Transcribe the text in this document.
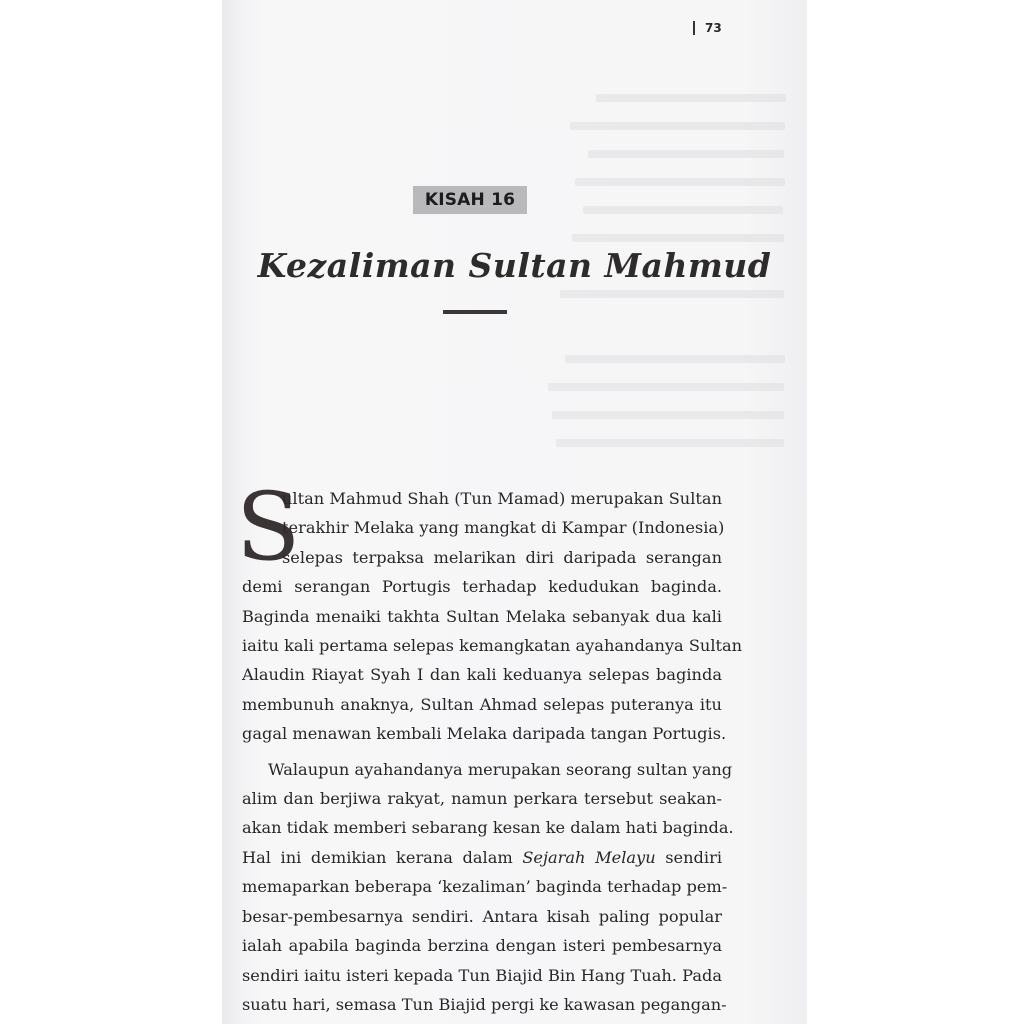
73
KISAH 16
Kezaliman Sultan Mahmud
S

ultan Mahmud Shah (Tun Mamad) merupakan Sultan
terakhir Melaka yang mangkat di Kampar (Indonesia)
selepas terpaksa melarikan diri daripada serangan
demi serangan Portugis terhadap kedudukan baginda.
Baginda menaiki takhta Sultan Melaka sebanyak dua kali
iaitu kali pertama selepas kemangkatan ayahandanya Sultan
Alaudin Riayat Syah I dan kali keduanya selepas baginda
membunuh anaknya, Sultan Ahmad selepas puteranya itu
gagal menawan kembali Melaka daripada tangan Portugis.

Walaupun ayahandanya merupakan seorang sultan yang
alim dan berjiwa rakyat, namun perkara tersebut seakan-
akan tidak memberi sebarang kesan ke dalam hati baginda.
Hal ini demikian kerana dalam Sejarah Melayu sendiri
memaparkan beberapa ‘kezaliman’ baginda terhadap pem-
besar-pembesarnya sendiri. Antara kisah paling popular
ialah apabila baginda berzina dengan isteri pembesarnya
sendiri iaitu isteri kepada Tun Biajid Bin Hang Tuah. Pada
suatu hari, semasa Tun Biajid pergi ke kawasan pegangan-
